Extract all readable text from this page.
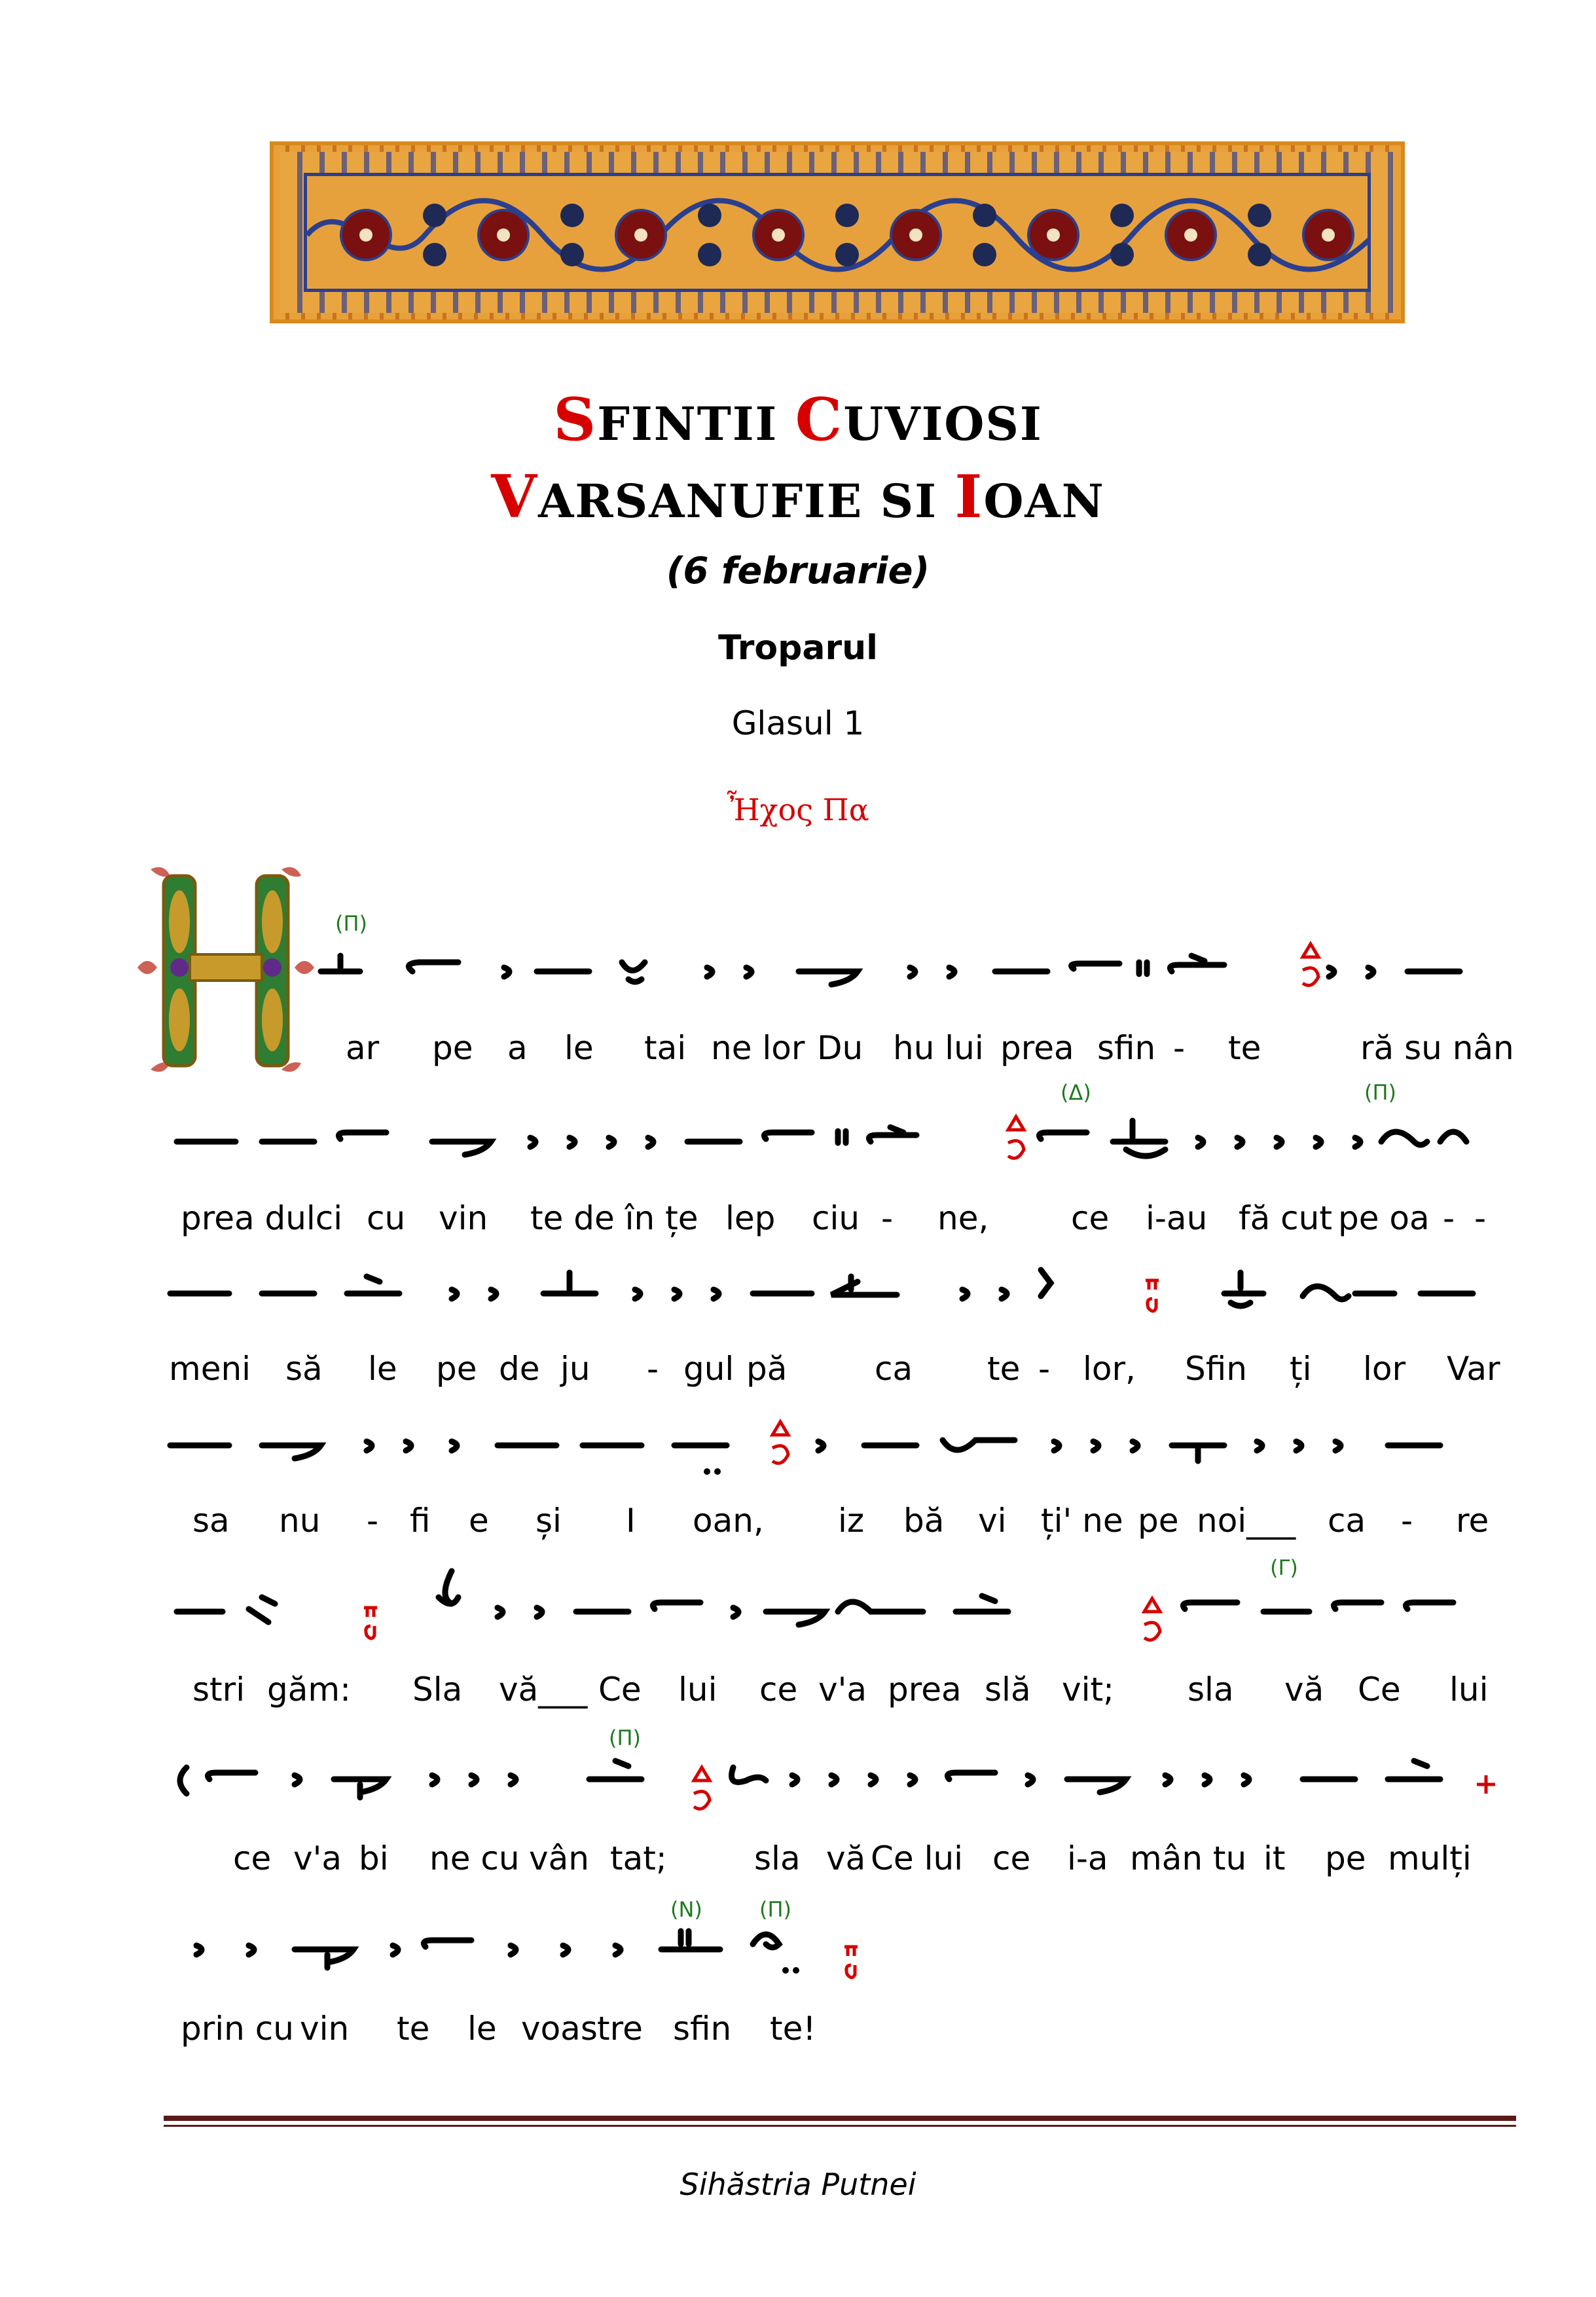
SFINTII CUVIOSI
VARSANUFIE SI IOAN
(6 februarie)
Troparul
Glasul 1
Ἦχος Πα
(Π)
(Δ)	(Π)
(Γ)
(Π)
(Ν)	(Π)
ar pe a le tai ne lor Du hu lui prea sfin - te	ră su nân
prea dulci cu vin te de în țe lep ciu - ne,	ce i-au fă cut pe oa - -
meni să le pe de ju - gul pă	ca te - lor, Sfin ți lor Var
sa nu - fi e și I oan, iz bă vi ți' ne pe noi___ ca - re
stri găm: Sla vă___ Ce lui ce v'a prea slă vit; sla vă Ce lui
ce v'a bi ne cu vân tat;	sla vă Ce lui ce i-a mân tu it pe mulți
prin cu vin te le voas tre sfin te!
Sihăstria Putnei
